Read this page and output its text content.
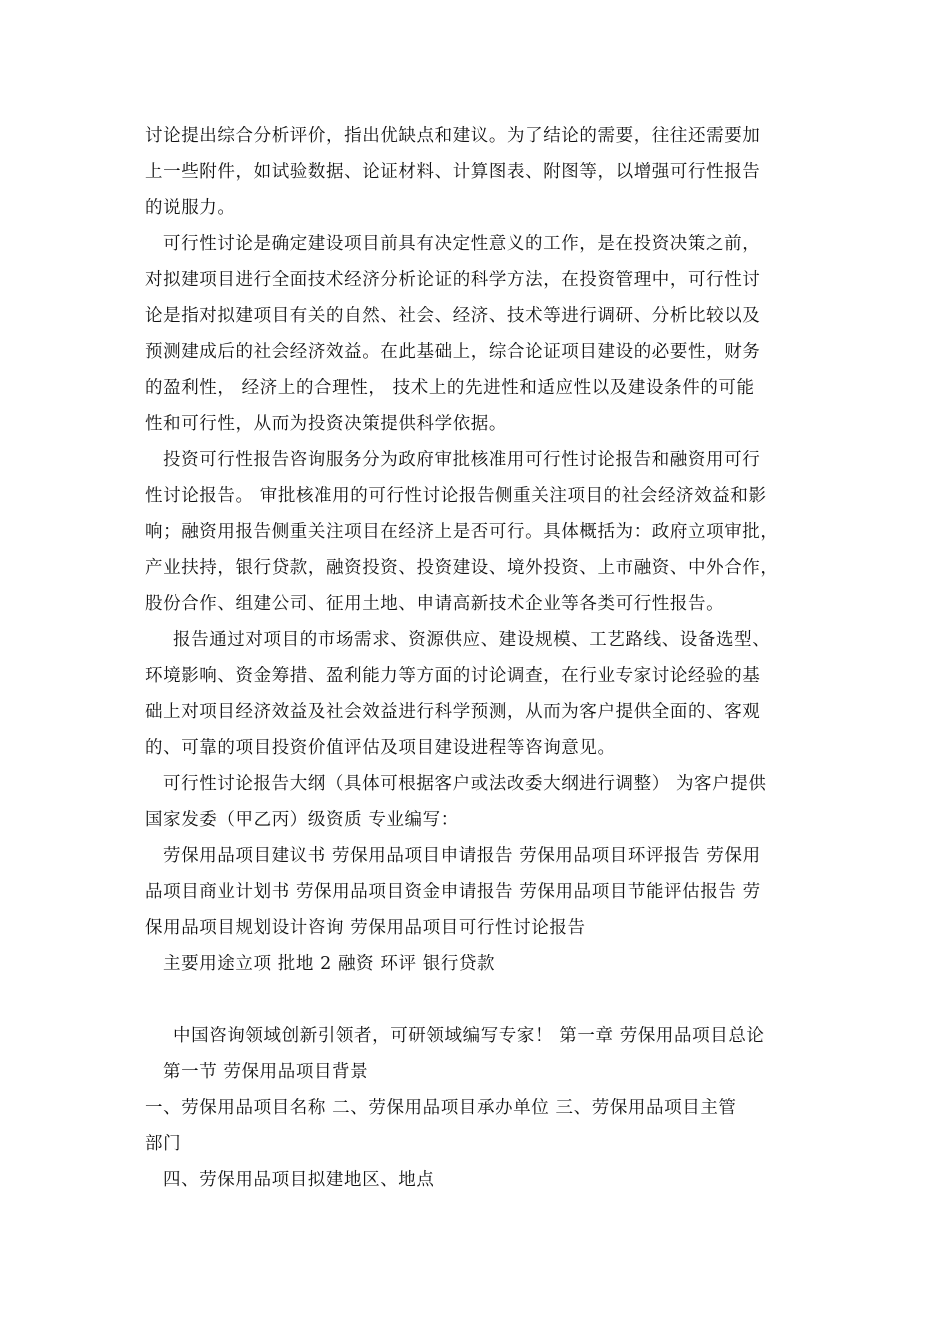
讨论提出综合分析评价，指出优缺点和建议。为了结论的需要，往往还需要加
上一些附件，如试验数据、论证材料、计算图表、附图等，以增强可行性报告
的说服力。
可行性讨论是确定建设项目前具有决定性意义的工作，是在投资决策之前，
对拟建项目进行全面技术经济分析论证的科学方法，在投资管理中，可行性讨
论是指对拟建项目有关的自然、社会、经济、技术等进行调研、分析比较以及
预测建成后的社会经济效益。在此基础上，综合论证项目建设的必要性，财务
的盈利性， 经济上的合理性， 技术上的先进性和适应性以及建设条件的可能
性和可行性，从而为投资决策提供科学依据。
投资可行性报告咨询服务分为政府审批核准用可行性讨论报告和融资用可行
性讨论报告。 审批核准用的可行性讨论报告侧重关注项目的社会经济效益和影
响；融资用报告侧重关注项目在经济上是否可行。具体概括为：政府立项审批，
产业扶持，银行贷款，融资投资、投资建设、境外投资、上市融资、中外合作，
股份合作、组建公司、征用土地、申请高新技术企业等各类可行性报告。
报告通过对项目的市场需求、资源供应、建设规模、工艺路线、设备选型、
环境影响、资金筹措、盈利能力等方面的讨论调查，在行业专家讨论经验的基
础上对项目经济效益及社会效益进行科学预测，从而为客户提供全面的、客观
的、可靠的项目投资价值评估及项目建设进程等咨询意见。
可行性讨论报告大纲（具体可根据客户或法改委大纲进行调整） 为客户提供
国家发委（甲乙丙）级资质 专业编写：
劳保用品项目建议书 劳保用品项目申请报告 劳保用品项目环评报告 劳保用
品项目商业计划书 劳保用品项目资金申请报告 劳保用品项目节能评估报告 劳
保用品项目规划设计咨询 劳保用品项目可行性讨论报告
主要用途立项 批地 2 融资 环评 银行贷款
中国咨询领域创新引领者，可研领域编写专家！ 第一章 劳保用品项目总论
第一节 劳保用品项目背景
一、劳保用品项目名称 二、劳保用品项目承办单位 三、劳保用品项目主管
部门
四、劳保用品项目拟建地区、地点
